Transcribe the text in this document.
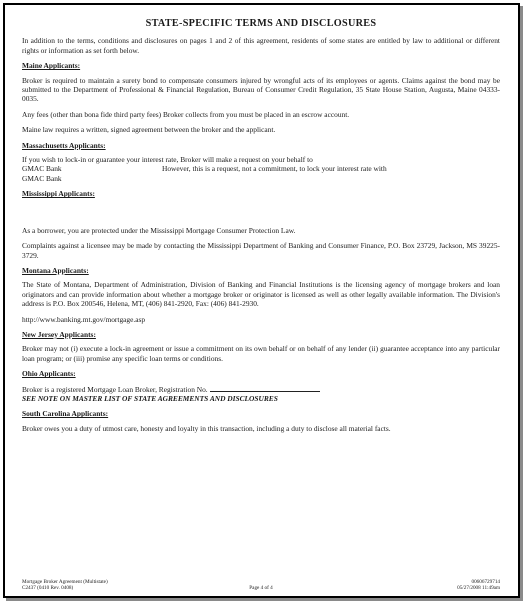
STATE-SPECIFIC TERMS AND DISCLOSURES
In addition to the terms, conditions and disclosures on pages 1 and 2 of this agreement, residents of some states are entitled by law to additional or different rights or information as set forth below.
Maine Applicants:
Broker is required to maintain a surety bond to compensate consumers injured by wrongful acts of its employees or agents. Claims against the bond may be submitted to the Department of Professional & Financial Regulation, Bureau of Consumer Credit Regulation, 35 State House Station, Augusta, Maine 04333-0035.
Any fees (other than bona fide third party fees) Broker collects from you must be placed in an escrow account.
Maine law requires a written, signed agreement between the broker and the applicant.
Massachusetts Applicants:
If you wish to lock-in or guarantee your interest rate, Broker will make a request on your behalf to
GMAC Bank	However, this is a request, not a commitment, to lock your interest rate with
GMAC Bank
Mississippi Applicants:
As a borrower, you are protected under the Mississippi Mortgage Consumer Protection Law.
Complaints against a licensee may be made by contacting the Mississippi Department of Banking and Consumer Finance, P.O. Box 23729, Jackson, MS 39225-3729.
Montana Applicants:
The State of Montana, Department of Administration, Division of Banking and Financial Institutions is the licensing agency of mortgage brokers and loan originators and can provide information about whether a mortgage broker or originator is licensed as well as other legally available information. The Division's address is P.O. Box 200546, Helena, MT, (406) 841-2920, Fax: (406) 841-2930.
http://www.banking.mt.gov/mortgage.asp
New Jersey Applicants:
Broker may not (i) execute a lock-in agreement or issue a commitment on its own behalf or on behalf of any lender (ii) guarantee acceptance into any particular loan program; or (iii) promise any specific loan terms or conditions.
Ohio Applicants:
Broker is a registered Mortgage Loan Broker, Registration No.
SEE NOTE ON MASTER LIST OF STATE AGREEMENTS AND DISCLOSURES
South Carolina Applicants:
Broker owes you a duty of utmost care, honesty and loyalty in this transaction, including a duty to disclose all material facts.
Mortgage Broker Agreement (Multistate)	00606729714
C2437 (0410 Rev. 0408)	Page 4 of 4	05/27/2008 11:49am
